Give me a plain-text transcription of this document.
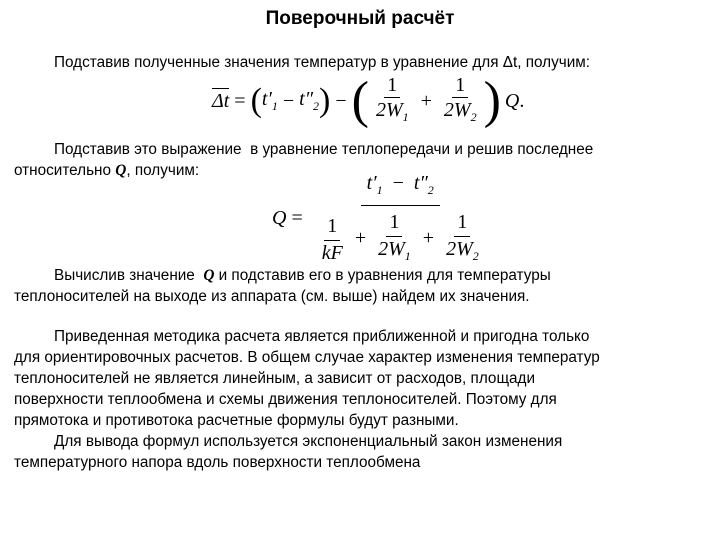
Поверочный расчёт
Подставив полученные значения температур в уравнение для Δt, получим:
Δt = ( $t'_1 - t''_2$ ) − ( $\frac{1}{2W_1} + \frac{1}{2W_2}$ ) Q .
Подставив это выражение  в уравнение теплопередачи и решив последнее
относительно Q, получим:
Q =
$t'_1 - t''_2$
$\frac{1}{kF} + \frac{1}{2W_1} + \frac{1}{2W_2}$
Вычислив значение  Q и подставив его в уравнения для температуры
теплоносителей на выходе из аппарата (см. выше) найдем их значения.
Приведенная методика расчета является приближенной и пригодна только
для ориентировочных расчетов. В общем случае характер изменения температур
теплоносителей не является линейным, а зависит от расходов, площади
поверхности теплообмена и схемы движения теплоносителей. Поэтому для
прямотока и противотока расчетные формулы будут разными.
Для вывода формул используется экспоненциальный закон изменения
температурного напора вдоль поверхности теплообмена
